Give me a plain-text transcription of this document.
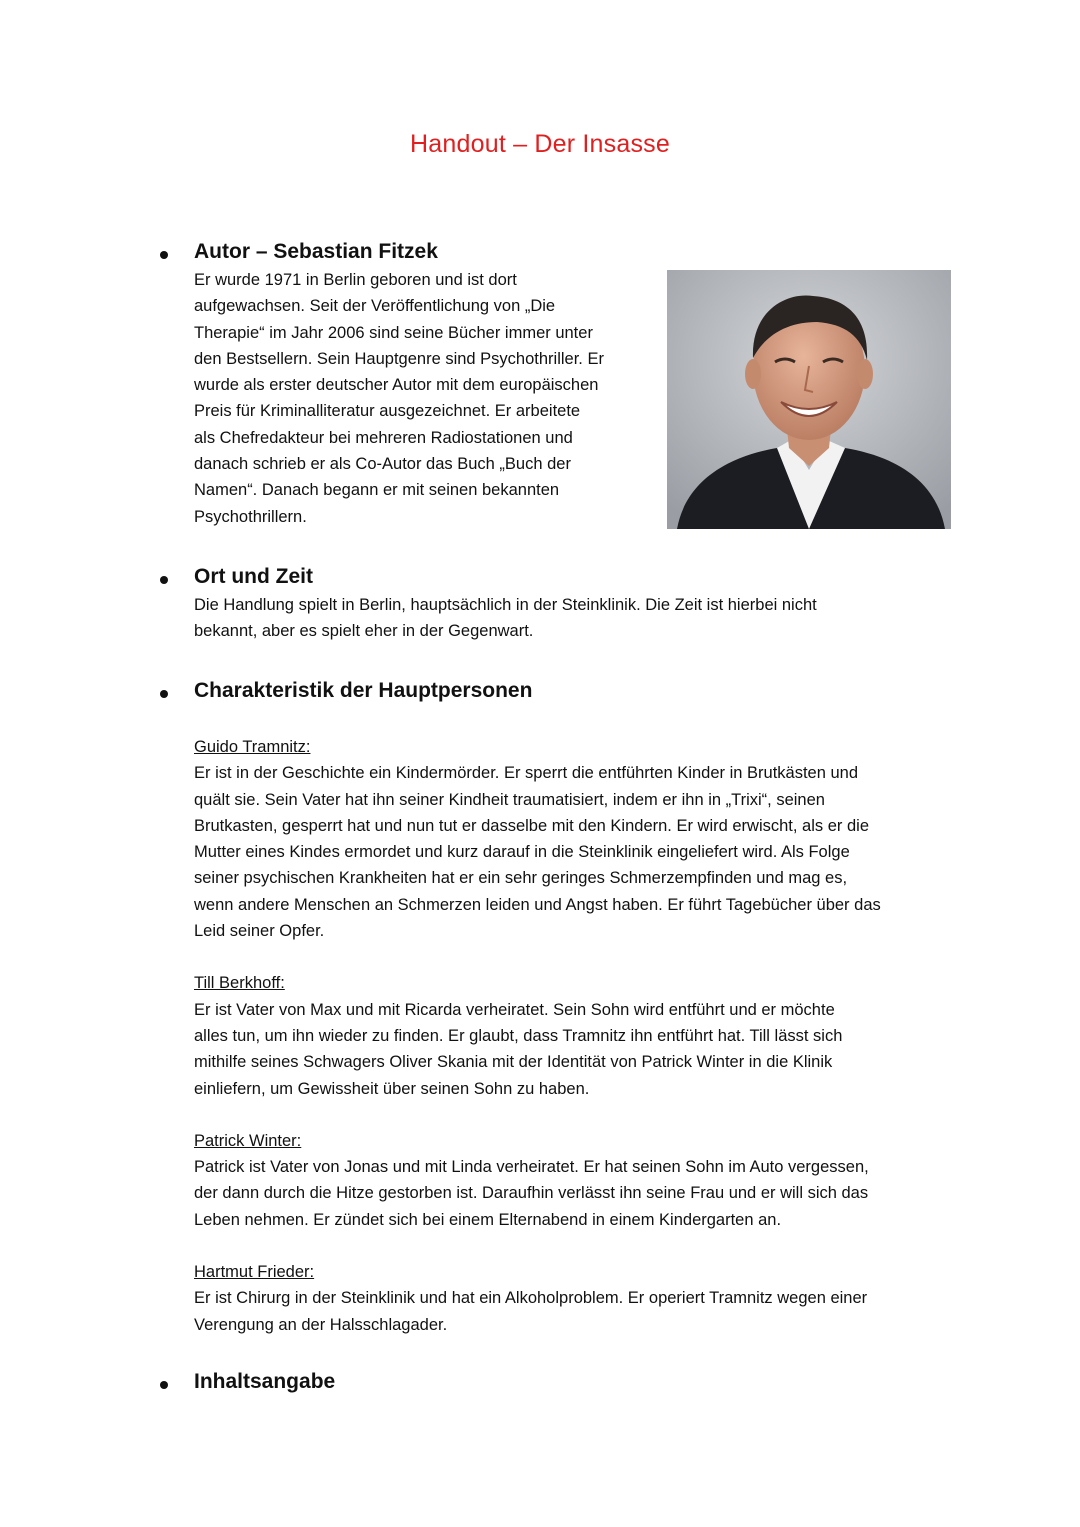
Handout – Der Insasse
Autor – Sebastian Fitzek
Er wurde 1971 in Berlin geboren und ist dort
aufgewachsen. Seit der Veröffentlichung von „Die
Therapie“ im Jahr 2006 sind seine Bücher immer unter
den Bestsellern. Sein Hauptgenre sind Psychothriller. Er
wurde als erster deutscher Autor mit dem europäischen
Preis für Kriminalliteratur ausgezeichnet. Er arbeitete
als Chefredakteur bei mehreren Radiostationen und
danach schrieb er als Co-Autor das Buch „Buch der
Namen“. Danach begann er mit seinen bekannten
Psychothrillern.
Ort und Zeit
Die Handlung spielt in Berlin, hauptsächlich in der Steinklinik. Die Zeit ist hierbei nicht
bekannt, aber es spielt eher in der Gegenwart.
Charakteristik der Hauptpersonen
Guido Tramnitz:
Er ist in der Geschichte ein Kindermörder. Er sperrt die entführten Kinder in Brutkästen und
quält sie. Sein Vater hat ihn seiner Kindheit traumatisiert, indem er ihn in „Trixi“, seinen
Brutkasten, gesperrt hat und nun tut er dasselbe mit den Kindern. Er wird erwischt, als er die
Mutter eines Kindes ermordet und kurz darauf in die Steinklinik eingeliefert wird. Als Folge
seiner psychischen Krankheiten hat er ein sehr geringes Schmerzempfinden und mag es,
wenn andere Menschen an Schmerzen leiden und Angst haben. Er führt Tagebücher über das
Leid seiner Opfer.
Till Berkhoff:
Er ist Vater von Max und mit Ricarda verheiratet. Sein Sohn wird entführt und er möchte
alles tun, um ihn wieder zu finden. Er glaubt, dass Tramnitz ihn entführt hat. Till lässt sich
mithilfe seines Schwagers Oliver Skania mit der Identität von Patrick Winter in die Klinik
einliefern, um Gewissheit über seinen Sohn zu haben.
Patrick Winter:
Patrick ist Vater von Jonas und mit Linda verheiratet. Er hat seinen Sohn im Auto vergessen,
der dann durch die Hitze gestorben ist. Daraufhin verlässt ihn seine Frau und er will sich das
Leben nehmen. Er zündet sich bei einem Elternabend in einem Kindergarten an.
Hartmut Frieder:
Er ist Chirurg in der Steinklinik und hat ein Alkoholproblem. Er operiert Tramnitz wegen einer
Verengung an der Halsschlagader.
Inhaltsangabe
